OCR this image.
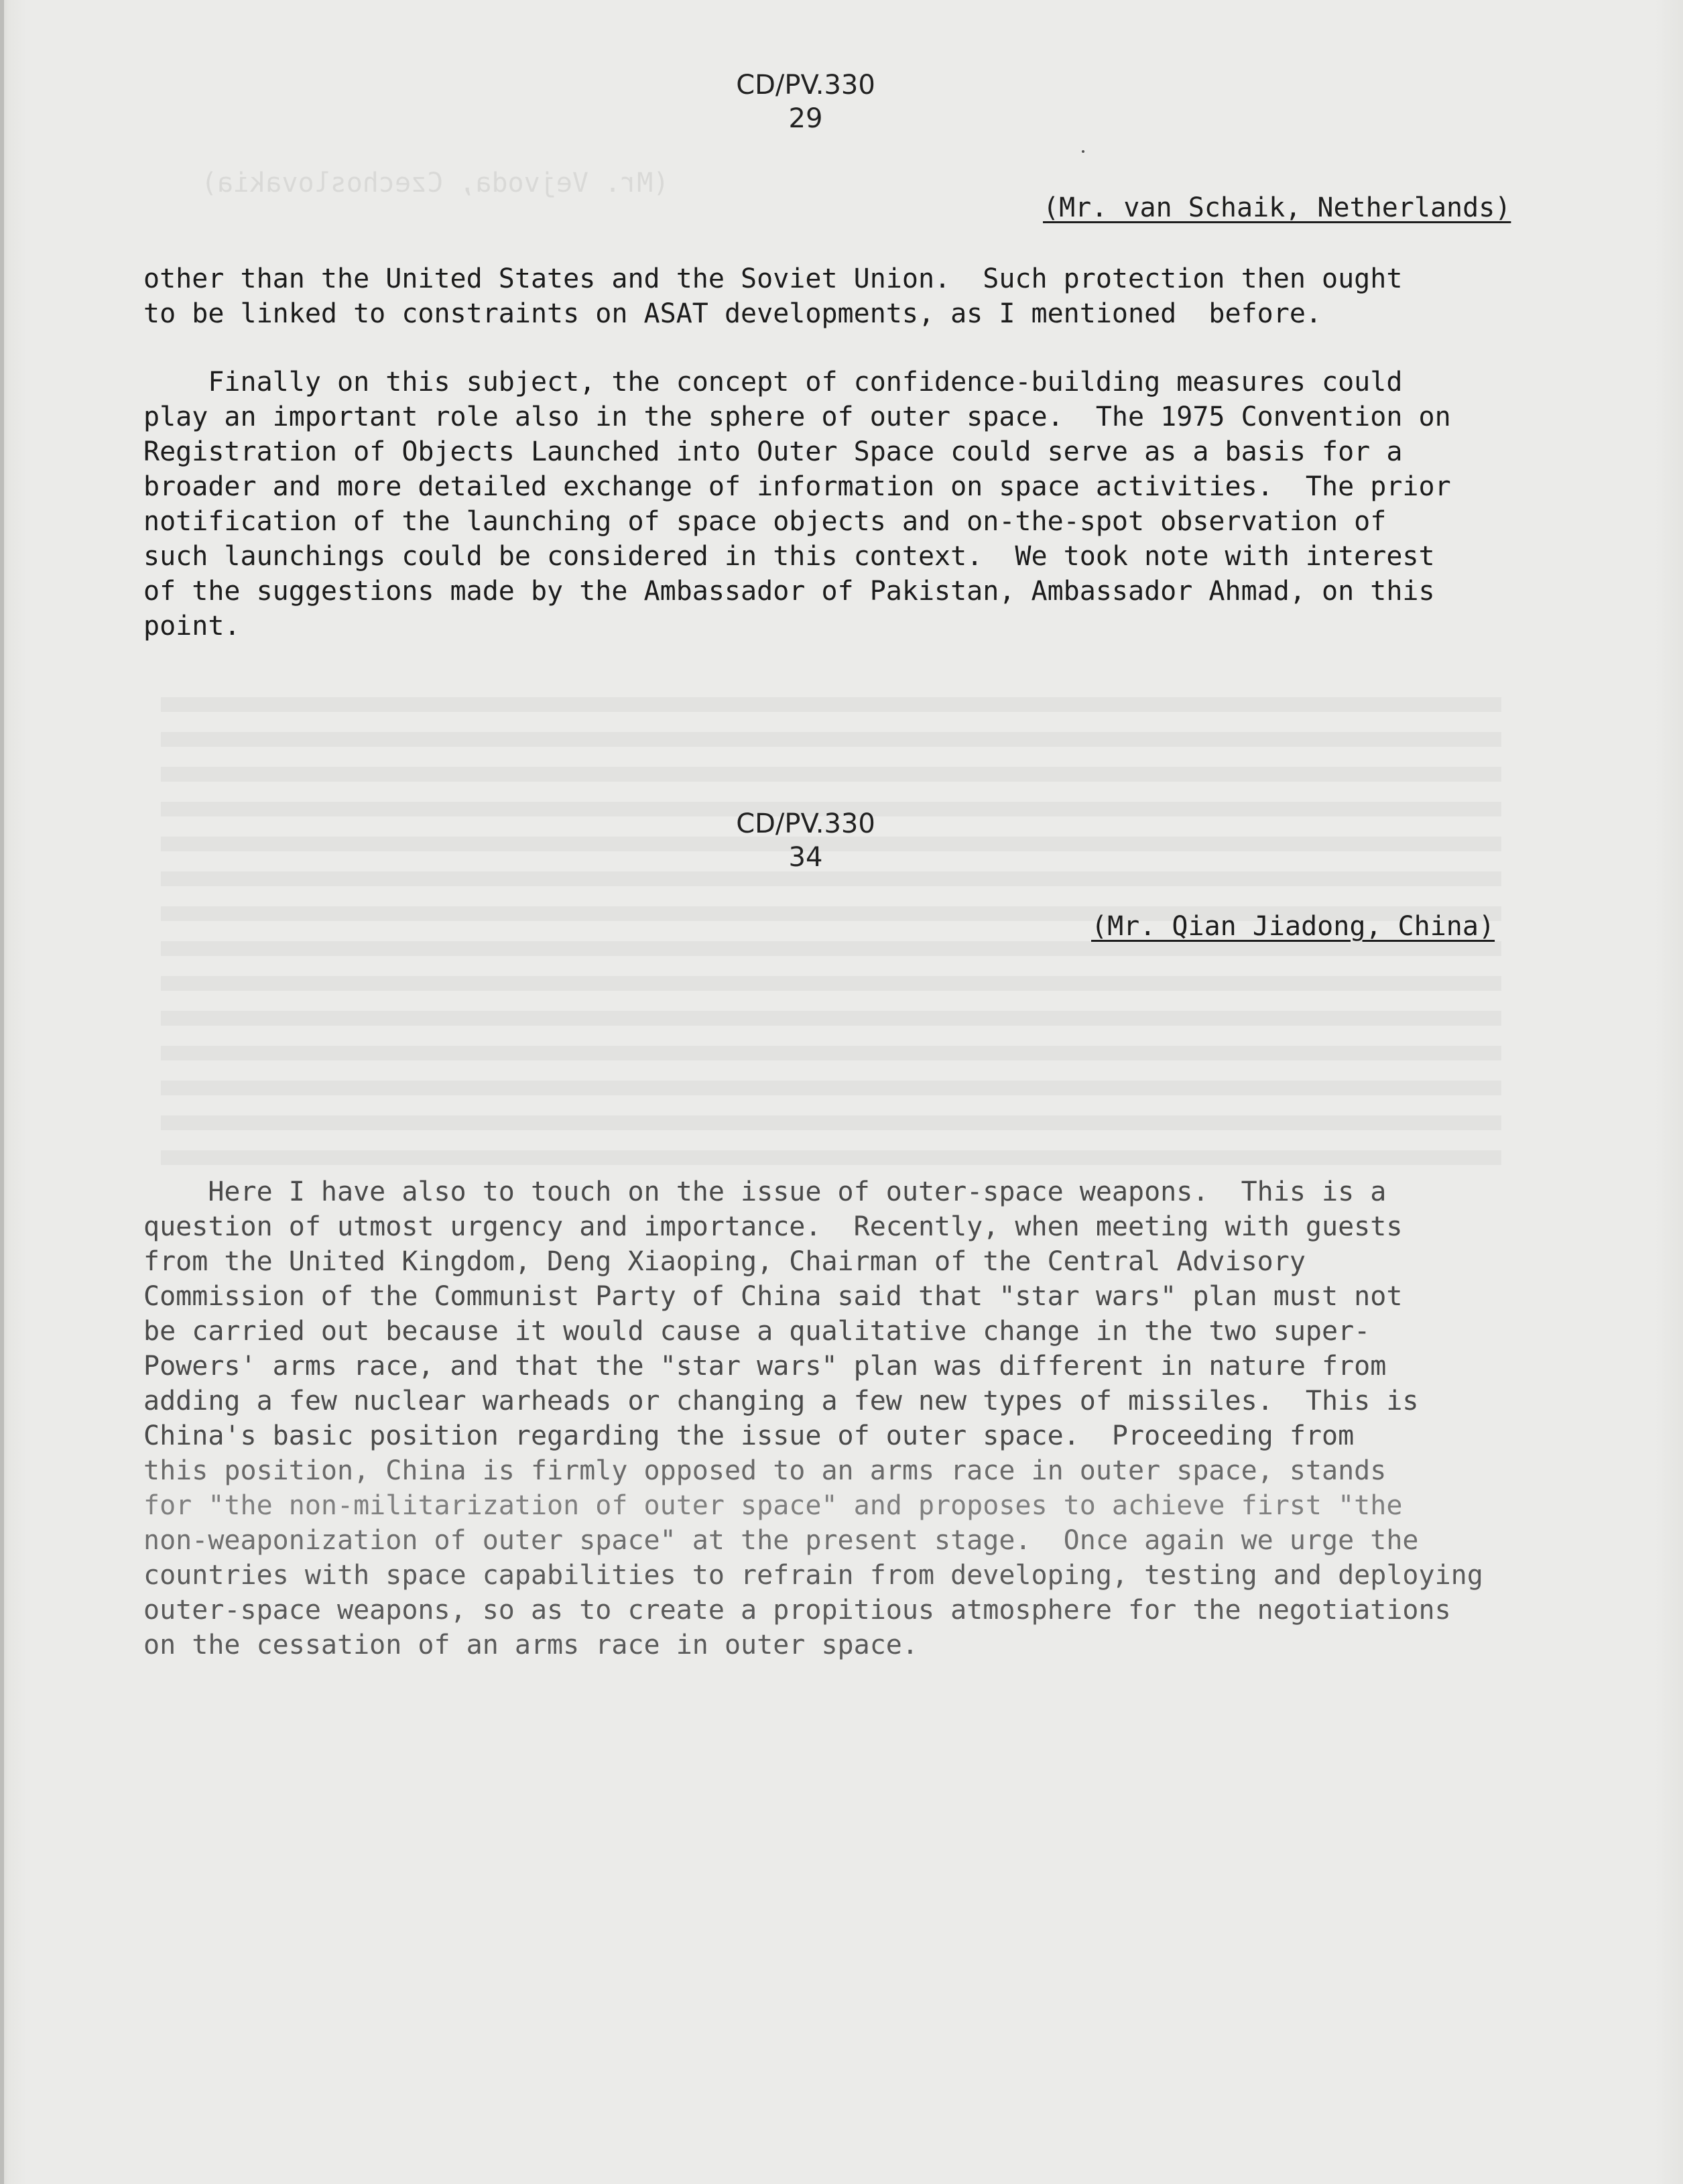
(Mr. Vejvoda, Czechoslovakia)
CD/PV.330
29
(Mr. van Schaik, Netherlands)
other than the United States and the Soviet Union.  Such protection then ought
to be linked to constraints on ASAT developments, as I mentioned  before.
Finally on this subject, the concept of confidence-building measures could
play an important role also in the sphere of outer space.  The 1975 Convention on
Registration of Objects Launched into Outer Space could serve as a basis for a
broader and more detailed exchange of information on space activities.  The prior
notification of the launching of space objects and on-the-spot observation of
such launchings could be considered in this context.  We took note with interest
of the suggestions made by the Ambassador of Pakistan, Ambassador Ahmad, on this
point.
CD/PV.330
34
(Mr. Qian Jiadong, China)
Here I have also to touch on the issue of outer-space weapons.  This is a
question of utmost urgency and importance.  Recently, when meeting with guests
from the United Kingdom, Deng Xiaoping, Chairman of the Central Advisory
Commission of the Communist Party of China said that "star wars" plan must not
be carried out because it would cause a qualitative change in the two super-
Powers' arms race, and that the "star wars" plan was different in nature from
adding a few nuclear warheads or changing a few new types of missiles.  This is
China's basic position regarding the issue of outer space.  Proceeding from
this position, China is firmly opposed to an arms race in outer space, stands
for "the non-militarization of outer space" and proposes to achieve first "the
non-weaponization of outer space" at the present stage.  Once again we urge the
countries with space capabilities to refrain from developing, testing and deploying
outer-space weapons, so as to create a propitious atmosphere for the negotiations
on the cessation of an arms race in outer space.
